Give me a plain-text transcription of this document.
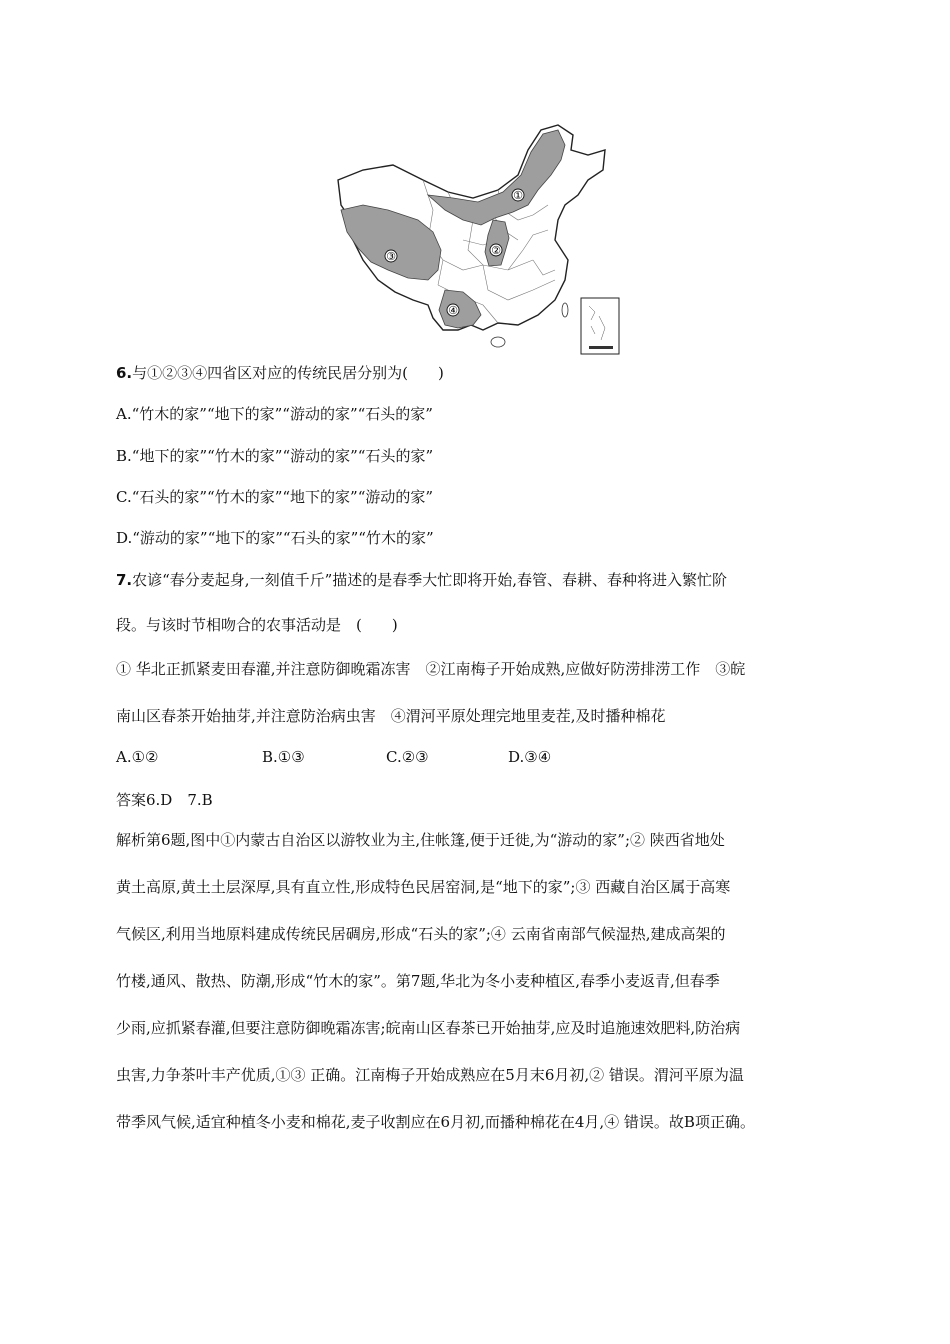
①
②
③
④
6.与①②③④四省区对应的传统民居分别为(　　)
A.“竹木的家”“地下的家”“游动的家”“石头的家”
B.“地下的家”“竹木的家”“游动的家”“石头的家”
C.“石头的家”“竹木的家”“地下的家”“游动的家”
D.“游动的家”“地下的家”“石头的家”“竹木的家”
7.农谚“春分麦起身,一刻值千斤”描述的是春季大忙即将开始,春管、春耕、春种将进入繁忙阶
段。与该时节相吻合的农事活动是　(　　)
① 华北正抓紧麦田春灌,并注意防御晚霜冻害　②江南梅子开始成熟,应做好防涝排涝工作　③皖
南山区春茶开始抽芽,并注意防治病虫害　④渭河平原处理完地里麦茬,及时播种棉花
A.①②	B.①③	C.②③	D.③④
答案6.D　7.B
解析第6题,图中①内蒙古自治区以游牧业为主,住帐篷,便于迁徙,为“游动的家”;② 陕西省地处
黄土高原,黄土土层深厚,具有直立性,形成特色民居窑洞,是“地下的家”;③ 西藏自治区属于高寒
气候区,利用当地原料建成传统民居碉房,形成“石头的家”;④ 云南省南部气候湿热,建成高架的
竹楼,通风、散热、防潮,形成“竹木的家”。第7题,华北为冬小麦种植区,春季小麦返青,但春季
少雨,应抓紧春灌,但要注意防御晚霜冻害;皖南山区春茶已开始抽芽,应及时追施速效肥料,防治病
虫害,力争茶叶丰产优质,①③ 正确。江南梅子开始成熟应在5月末6月初,② 错误。渭河平原为温
带季风气候,适宜种植冬小麦和棉花,麦子收割应在6月初,而播种棉花在4月,④ 错误。故B项正确。
